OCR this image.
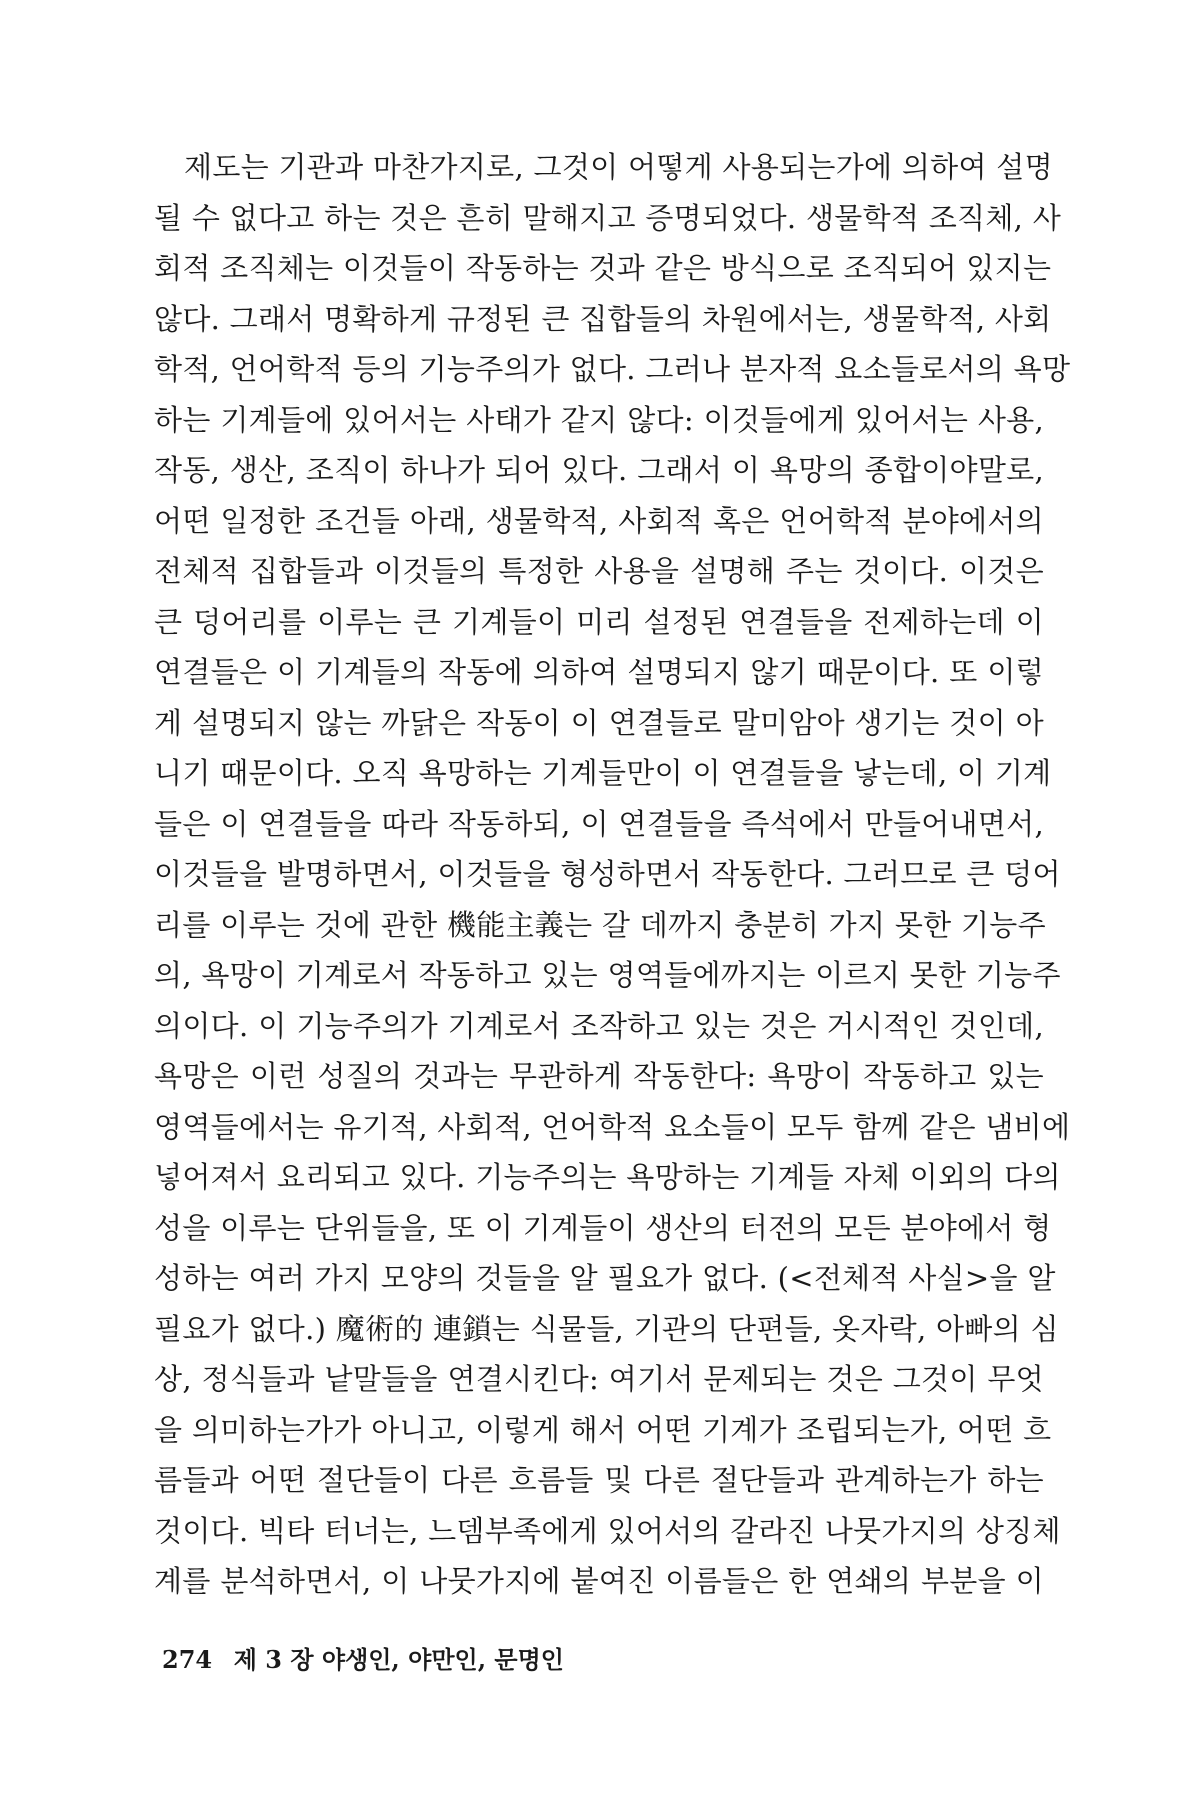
제도는 기관과 마찬가지로, 그것이 어떻게 사용되는가에 의하여 설명
될 수 없다고 하는 것은 흔히 말해지고 증명되었다. 생물학적 조직체, 사
회적 조직체는 이것들이 작동하는 것과 같은 방식으로 조직되어 있지는
않다. 그래서 명확하게 규정된 큰 집합들의 차원에서는, 생물학적, 사회
학적, 언어학적 등의 기능주의가 없다. 그러나 분자적 요소들로서의 욕망
하는 기계들에 있어서는 사태가 같지 않다: 이것들에게 있어서는 사용,
작동, 생산, 조직이 하나가 되어 있다. 그래서 이 욕망의 종합이야말로,
어떤 일정한 조건들 아래, 생물학적, 사회적 혹은 언어학적 분야에서의
전체적 집합들과 이것들의 특정한 사용을 설명해 주는 것이다. 이것은
큰 덩어리를 이루는 큰 기계들이 미리 설정된 연결들을 전제하는데 이
연결들은 이 기계들의 작동에 의하여 설명되지 않기 때문이다. 또 이렇
게 설명되지 않는 까닭은 작동이 이 연결들로 말미암아 생기는 것이 아
니기 때문이다. 오직 욕망하는 기계들만이 이 연결들을 낳는데, 이 기계
들은 이 연결들을 따라 작동하되, 이 연결들을 즉석에서 만들어내면서,
이것들을 발명하면서, 이것들을 형성하면서 작동한다. 그러므로 큰 덩어
리를 이루는 것에 관한 機能主義는 갈 데까지 충분히 가지 못한 기능주
의, 욕망이 기계로서 작동하고 있는 영역들에까지는 이르지 못한 기능주
의이다. 이 기능주의가 기계로서 조작하고 있는 것은 거시적인 것인데,
욕망은 이런 성질의 것과는 무관하게 작동한다: 욕망이 작동하고 있는
영역들에서는 유기적, 사회적, 언어학적 요소들이 모두 함께 같은 냄비에
넣어져서 요리되고 있다. 기능주의는 욕망하는 기계들 자체 이외의 다의
성을 이루는 단위들을, 또 이 기계들이 생산의 터전의 모든 분야에서 형
성하는 여러 가지 모양의 것들을 알 필요가 없다. (<전체적 사실>을 알
필요가 없다.) 魔術的 連鎖는 식물들, 기관의 단편들, 옷자락, 아빠의 심
상, 정식들과 낱말들을 연결시킨다: 여기서 문제되는 것은 그것이 무엇
을 의미하는가가 아니고, 이렇게 해서 어떤 기계가 조립되는가, 어떤 흐
름들과 어떤 절단들이 다른 흐름들 및 다른 절단들과 관계하는가 하는
것이다. 빅타 터너는, 느뎀부족에게 있어서의 갈라진 나뭇가지의 상징체
계를 분석하면서, 이 나뭇가지에 붙여진 이름들은 한 연쇄의 부분을 이
274 제 3 장 야생인, 야만인, 문명인
